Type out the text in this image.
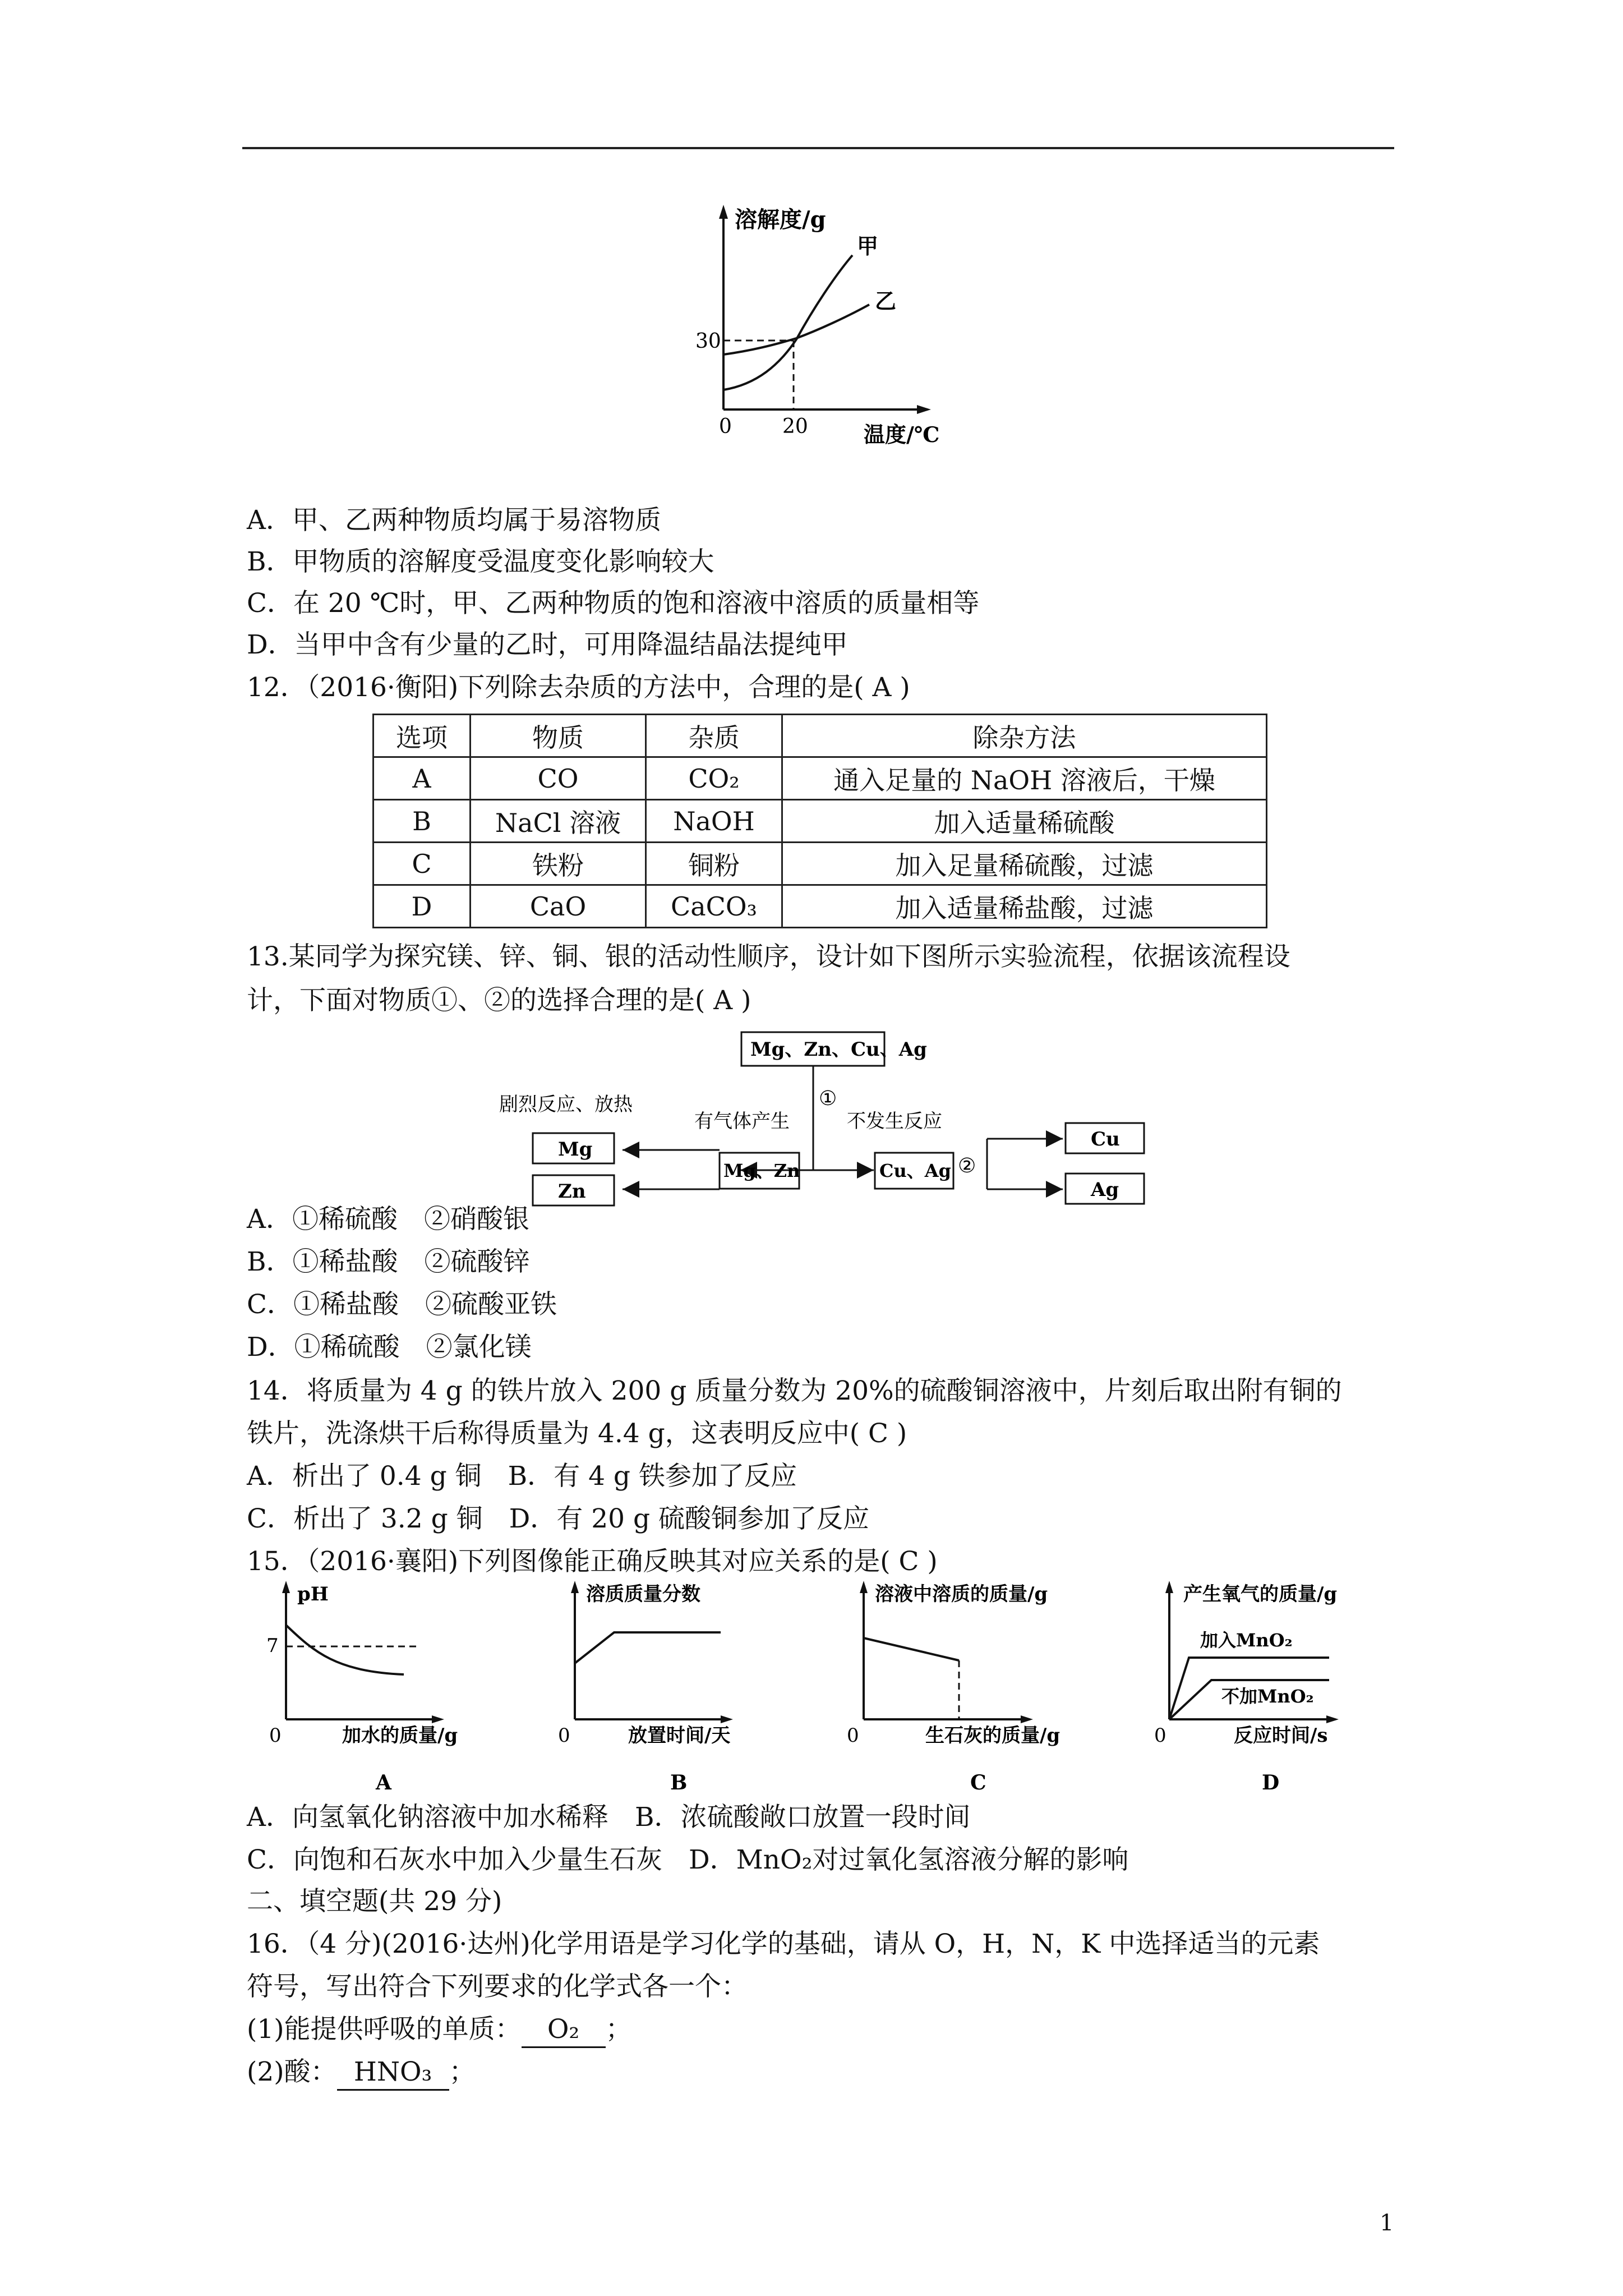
溶解度/g
甲
乙
30
0	20	温度/℃
A．甲、乙两种物质均属于易溶物质
B．甲物质的溶解度受温度变化影响较大
C．在 20 ℃时，甲、乙两种物质的饱和溶液中溶质的质量相等
D．当甲中含有少量的乙时，可用降温结晶法提纯甲
12．（2016·衡阳)下列除去杂质的方法中，合理的是( A )
选项	物质	杂质	除杂方法
A	CO	CO₂	通入足量的 NaOH 溶液后，干燥
B	NaCl 溶液	NaOH	加入适量稀硫酸
C	铁粉	铜粉	加入足量稀硫酸，过滤
D	CaO	CaCO₃	加入适量稀盐酸，过滤
13.某同学为探究镁、锌、铜、银的活动性顺序，设计如下图所示实验流程，依据该流程设
计，下面对物质①、②的选择合理的是( A )
Mg、Zn、Cu、Ag
①
有气体产生	不发生反应
剧烈反应、放热
Mg、Zn	Cu、Ag ②
Mg
Zn
Cu
Ag
A．①稀硫酸　②硝酸银
B．①稀盐酸　②硫酸锌
C．①稀盐酸　②硫酸亚铁
D．①稀硫酸　②氯化镁
14．将质量为 4 g 的铁片放入 200 g 质量分数为 20%的硫酸铜溶液中，片刻后取出附有铜的
铁片，洗涤烘干后称得质量为 4.4 g，这表明反应中( C )
A．析出了 0.4 g 铜　B．有 4 g 铁参加了反应
C．析出了 3.2 g 铜　D．有 20 g 硫酸铜参加了反应
15．（2016·襄阳)下列图像能正确反映其对应关系的是( C )
pH
7
0	加水的质量/g
A
溶质质量分数
0	放置时间/天
B
溶液中溶质的质量/g
0	生石灰的质量/g
C
产生氧气的质量/g
加入MnO₂
不加MnO₂
0	反应时间/s
D
A．向氢氧化钠溶液中加水稀释　B．浓硫酸敞口放置一段时间
C．向饱和石灰水中加入少量生石灰　D．MnO₂对过氧化氢溶液分解的影响
二、填空题(共 29 分)
16．（4 分)(2016·达州)化学用语是学习化学的基础，请从 O，H，N，K 中选择适当的元素
符号，写出符合下列要求的化学式各一个：
(1)能提供呼吸的单质： O₂ ；
(2)酸： HNO₃ ；
1
